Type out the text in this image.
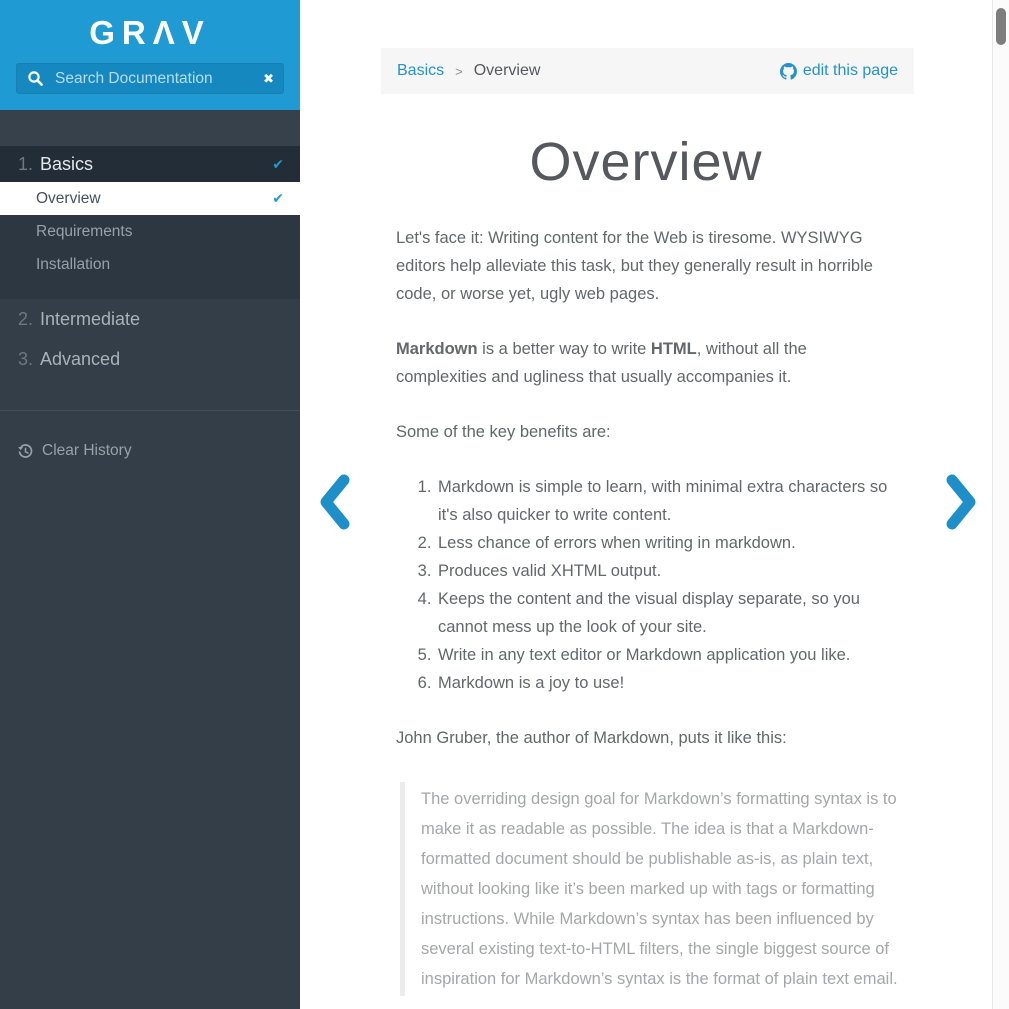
GRΛV
Search Documentation
✖
1. Basics	✔
Overview	✔
Requirements
Installation
2. Intermediate
3. Advanced
Clear History
Basics > Overview	edit this page
Overview

Let's face it: Writing content for the Web is tiresome. WYSIWYG editors help alleviate this task, but they generally result in horrible code, or worse yet, ugly web pages.

Markdown is a better way to write HTML, without all the complexities and ugliness that usually accompanies it.

Some of the key benefits are:

1. Markdown is simple to learn, with minimal extra characters so it's also quicker to write content.
2. Less chance of errors when writing in markdown.
3. Produces valid XHTML output.
4. Keeps the content and the visual display separate, so you cannot mess up the look of your site.
5. Write in any text editor or Markdown application you like.
6. Markdown is a joy to use!

John Gruber, the author of Markdown, puts it like this:

The overriding design goal for Markdown’s formatting syntax is to make it as readable as possible. The idea is that a Markdown-formatted document should be publishable as-is, as plain text, without looking like it’s been marked up with tags or formatting instructions. While Markdown’s syntax has been influenced by several existing text-to-HTML filters, the single biggest source of inspiration for Markdown’s syntax is the format of plain text email.
